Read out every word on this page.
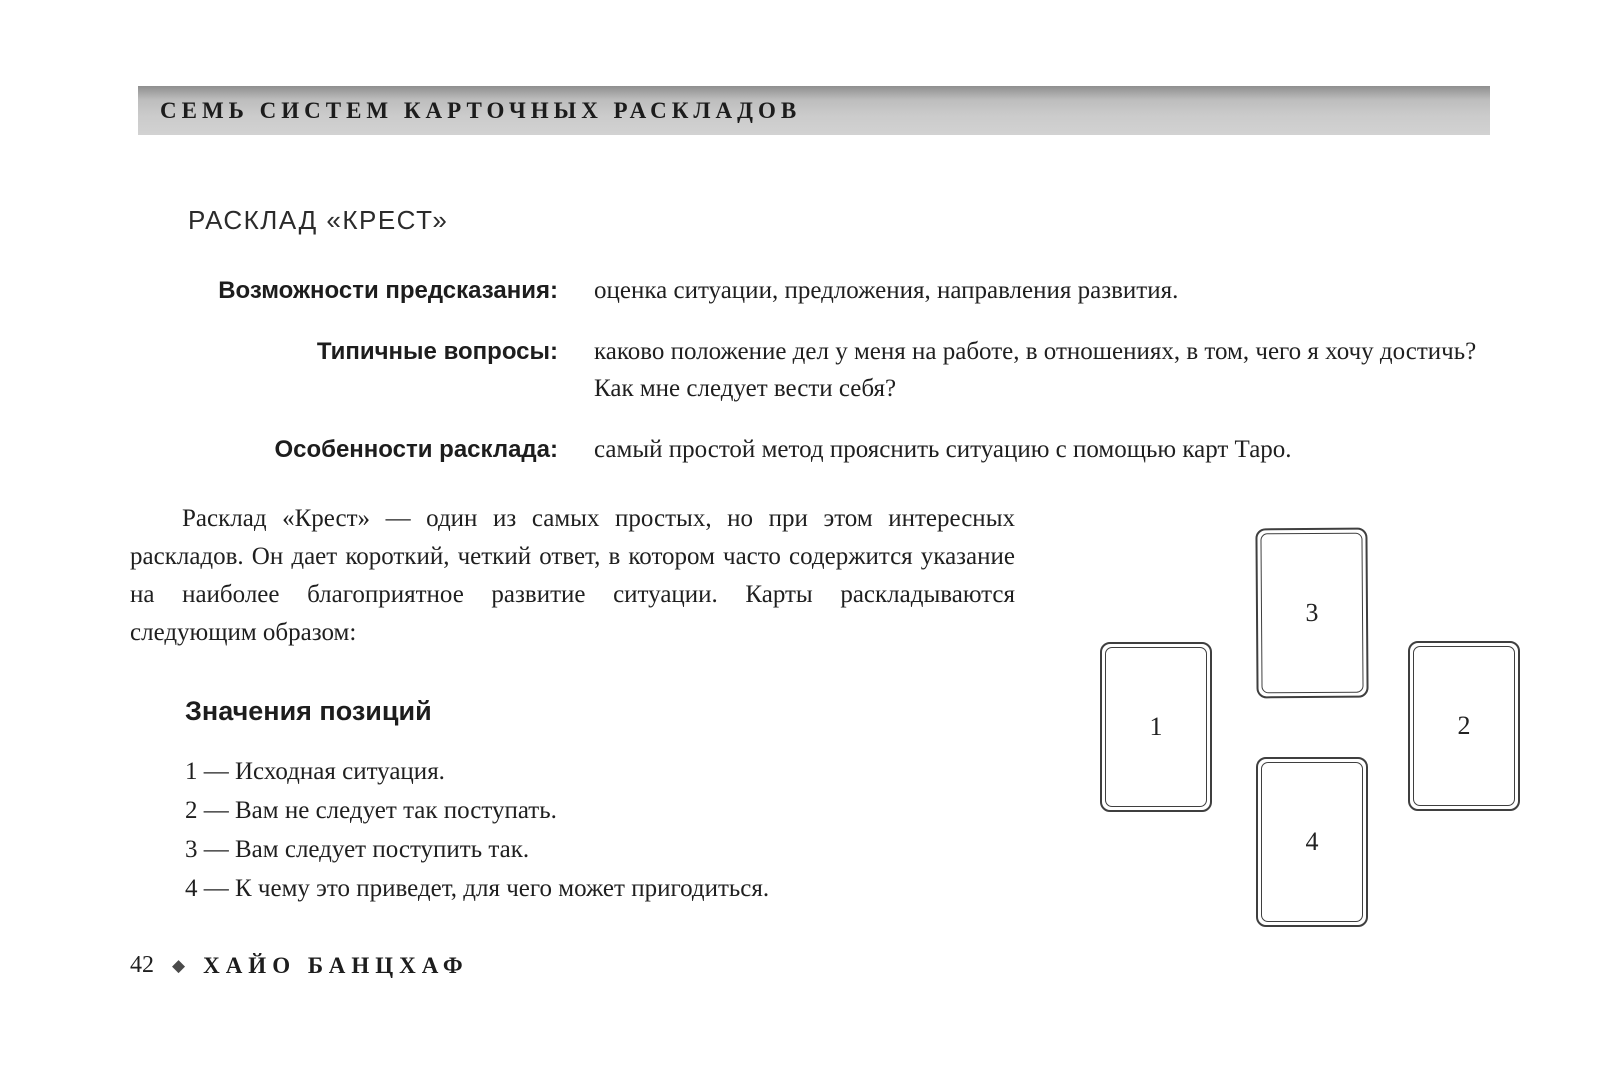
СЕМЬ СИСТЕМ КАРТОЧНЫХ РАСКЛАДОВ
РАСКЛАД «КРЕСТ»
Возможности предсказания: оценка ситуации, предложения, направления развития.
Типичные вопросы: каково положение дел у меня на работе, в отношениях, в том, чего я хочу достичь? Как мне следует вести себя?
Особенности расклада: самый простой метод прояснить ситуацию с помощью карт Таро.
Расклад «Крест» — один из самых простых, но при этом интересных раскладов. Он дает короткий, четкий ответ, в котором часто содержится указание на наиболее благоприятное развитие ситуации. Карты раскладываются следующим образом:
Значения позиций
1 — Исходная ситуация.
2 — Вам не следует так поступать.
3 — Вам следует поступить так.
4 — К чему это приведет, для чего может пригодиться.
3
1	2
4
42 ◆ ХАЙО БАНЦХАФ
